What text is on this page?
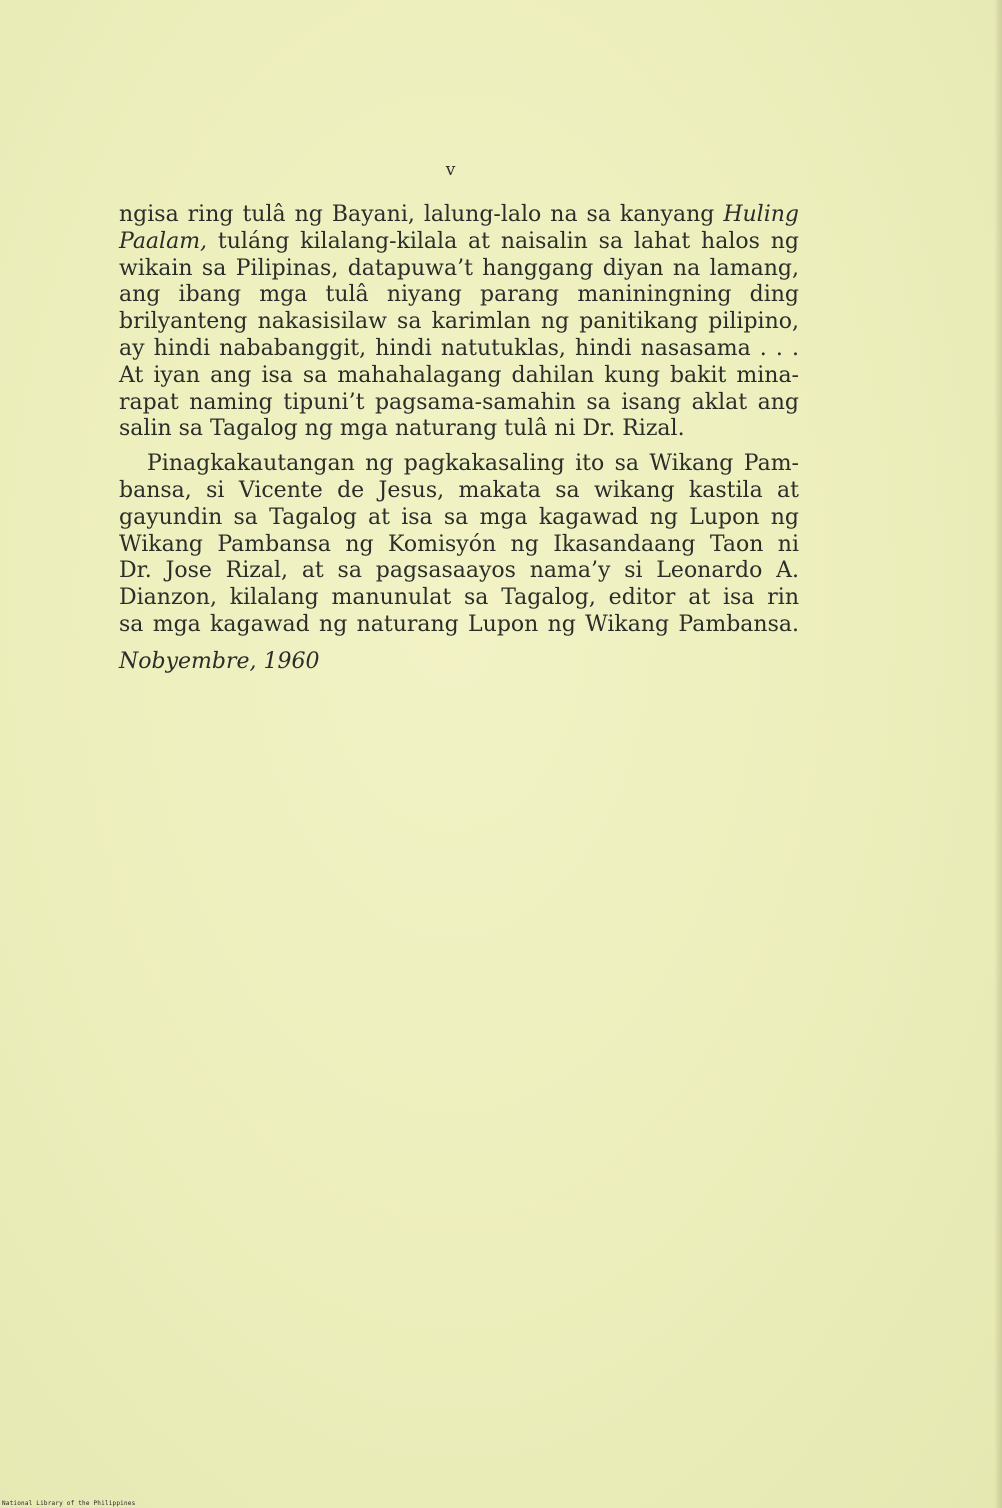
v
ngisa ring tulâ ng Bayani, lalung-lalo na sa kanyang Huling
Paalam, tuláng kilalang-kilala at naisalin sa lahat halos ng
wikain sa Pilipinas, datapuwa’t hanggang diyan na lamang,
ang ibang mga tulâ niyang parang maniningning ding
brilyanteng nakasisilaw sa karimlan ng panitikang pilipino,
ay hindi nababanggit, hindi natutuklas, hindi nasasama . . .
At iyan ang isa sa mahahalagang dahilan kung bakit mina-
rapat naming tipuni’t pagsama-samahin sa isang aklat ang
salin sa Tagalog ng mga naturang tulâ ni Dr. Rizal.
Pinagkakautangan ng pagkakasaling ito sa Wikang Pam-
bansa, si Vicente de Jesus, makata sa wikang kastila at
gayundin sa Tagalog at isa sa mga kagawad ng Lupon ng
Wikang Pambansa ng Komisyón ng Ikasandaang Taon ni
Dr. Jose Rizal, at sa pagsasaayos nama’y si Leonardo A.
Dianzon, kilalang manunulat sa Tagalog, editor at isa rin
sa mga kagawad ng naturang Lupon ng Wikang Pambansa.
Nobyembre, 1960
National Library of the Philippines
